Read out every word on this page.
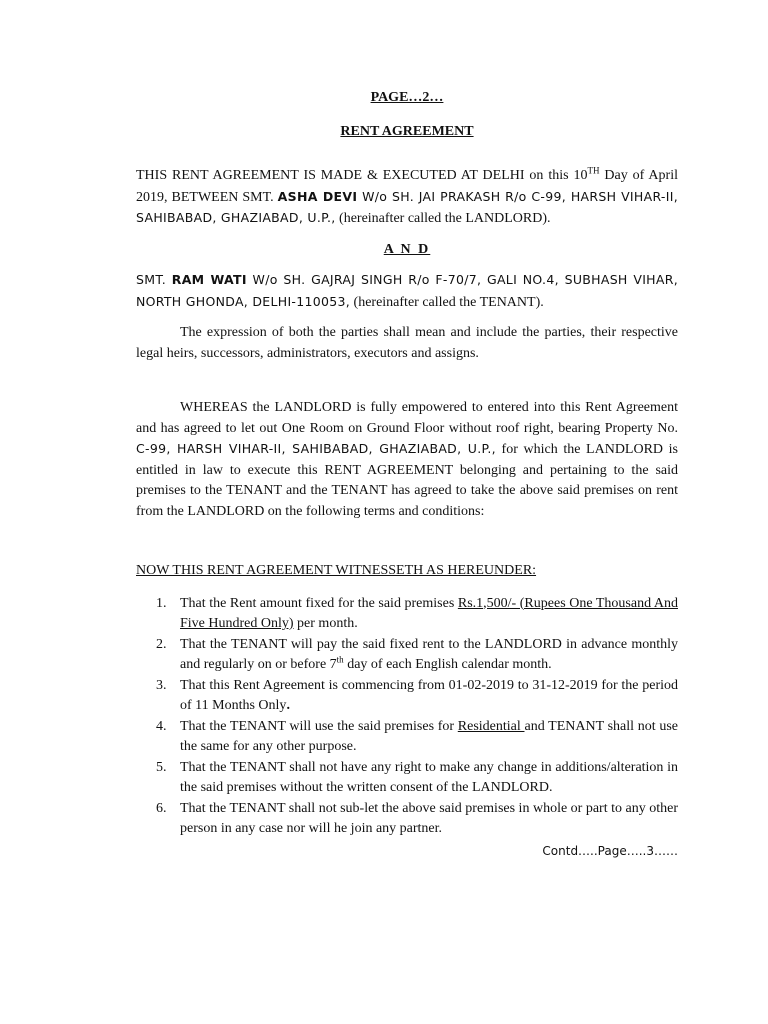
PAGE…2…

RENT AGREEMENT

THIS RENT AGREEMENT IS MADE & EXECUTED AT DELHI on this 10TH Day of April 2019, BETWEEN SMT. ASHA DEVI W/o SH. JAI PRAKASH R/o C-99, HARSH VIHAR-II, SAHIBABAD, GHAZIABAD, U.P., (hereinafter called the LANDLORD).

A N D

SMT. RAM WATI W/o SH. GAJRAJ SINGH R/o F-70/7, GALI NO.4, SUBHASH VIHAR, NORTH GHONDA, DELHI-110053, (hereinafter called the TENANT).

The expression of both the parties shall mean and include the parties, their respective legal heirs, successors, administrators, executors and assigns.

WHEREAS the LANDLORD is fully empowered to entered into this Rent Agreement and has agreed to let out One Room on Ground Floor without roof right, bearing Property No. C-99, HARSH VIHAR-II, SAHIBABAD, GHAZIABAD, U.P., for which the LANDLORD is entitled in law to execute this RENT AGREEMENT belonging and pertaining to the said premises to the TENANT and the TENANT has agreed to take the above said premises on rent from the LANDLORD on the following terms and conditions:

NOW THIS RENT AGREEMENT WITNESSETH AS HEREUNDER:

1. That the Rent amount fixed for the said premises Rs.1,500/- (Rupees One Thousand And Five Hundred Only) per month.
2. That the TENANT will pay the said fixed rent to the LANDLORD in advance monthly and regularly on or before 7th day of each English calendar month.
3. That this Rent Agreement is commencing from 01-02-2019 to 31-12-2019 for the period of 11 Months Only.
4. That the TENANT will use the said premises for Residential and TENANT shall not use the same for any other purpose.
5. That the TENANT shall not have any right to make any change in additions/alteration in the said premises without the written consent of the LANDLORD.
6. That the TENANT shall not sub-let the above said premises in whole or part to any other person in any case nor will he join any partner.

Contd…..Page…..3……
